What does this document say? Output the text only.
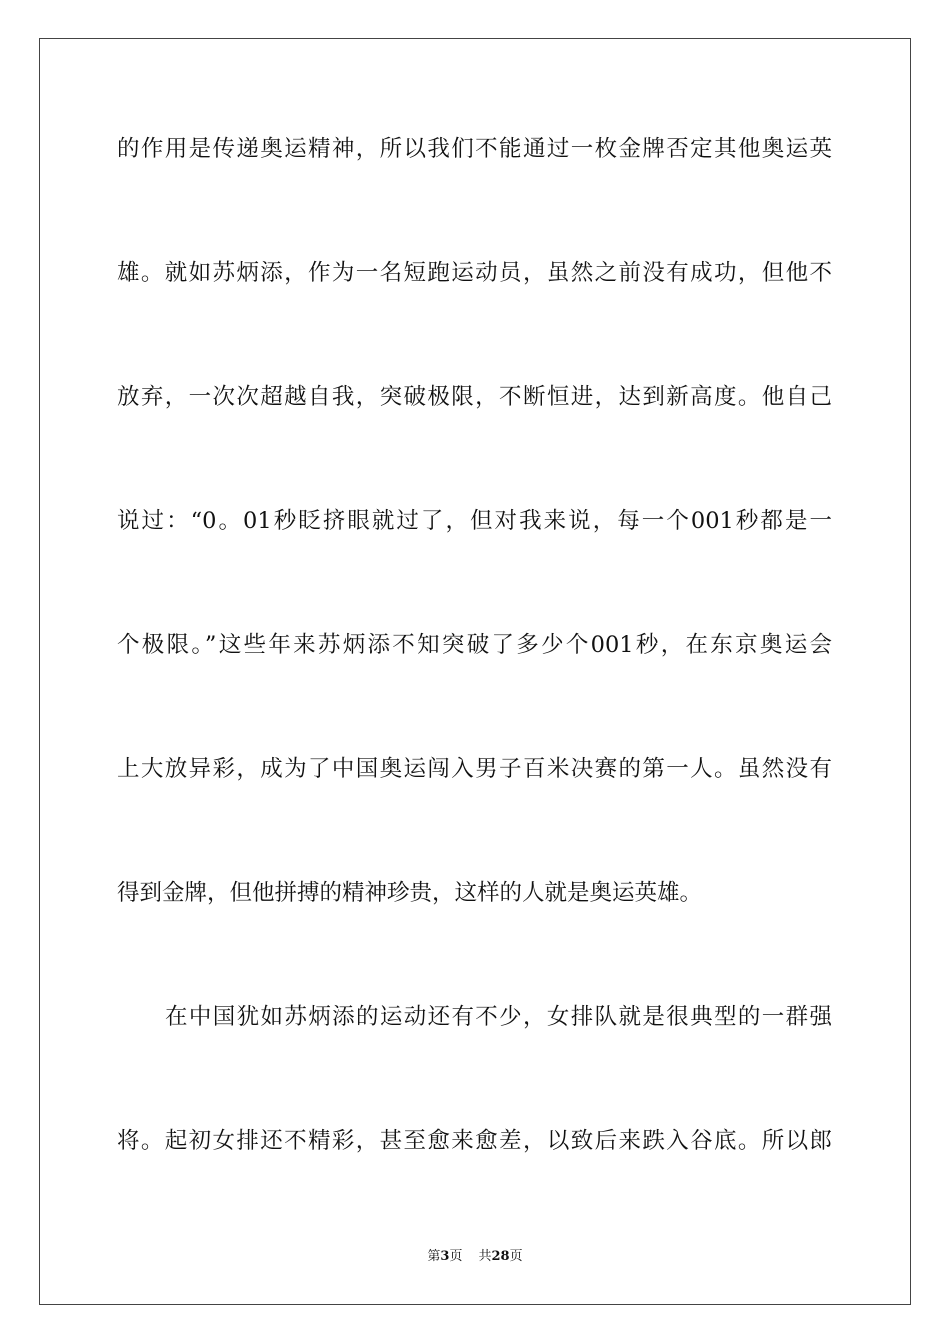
的作用是传递奥运精神，所以我们不能通过一枚金牌否定其他奥运英
雄。就如苏炳添，作为一名短跑运动员，虽然之前没有成功，但他不
放弃，一次次超越自我，突破极限，不断恒进，达到新高度。他自己
说过：“0。01秒眨挤眼就过了，但对我来说，每一个001秒都是一
个极限。”这些年来苏炳添不知突破了多少个001秒，在东京奥运会
上大放异彩，成为了中国奥运闯入男子百米决赛的第一人。虽然没有
得到金牌，但他拼搏的精神珍贵，这样的人就是奥运英雄。
在中国犹如苏炳添的运动还有不少，女排队就是很典型的一群强
将。起初女排还不精彩，甚至愈来愈差，以致后来跌入谷底。所以郎
第3页 共28页
